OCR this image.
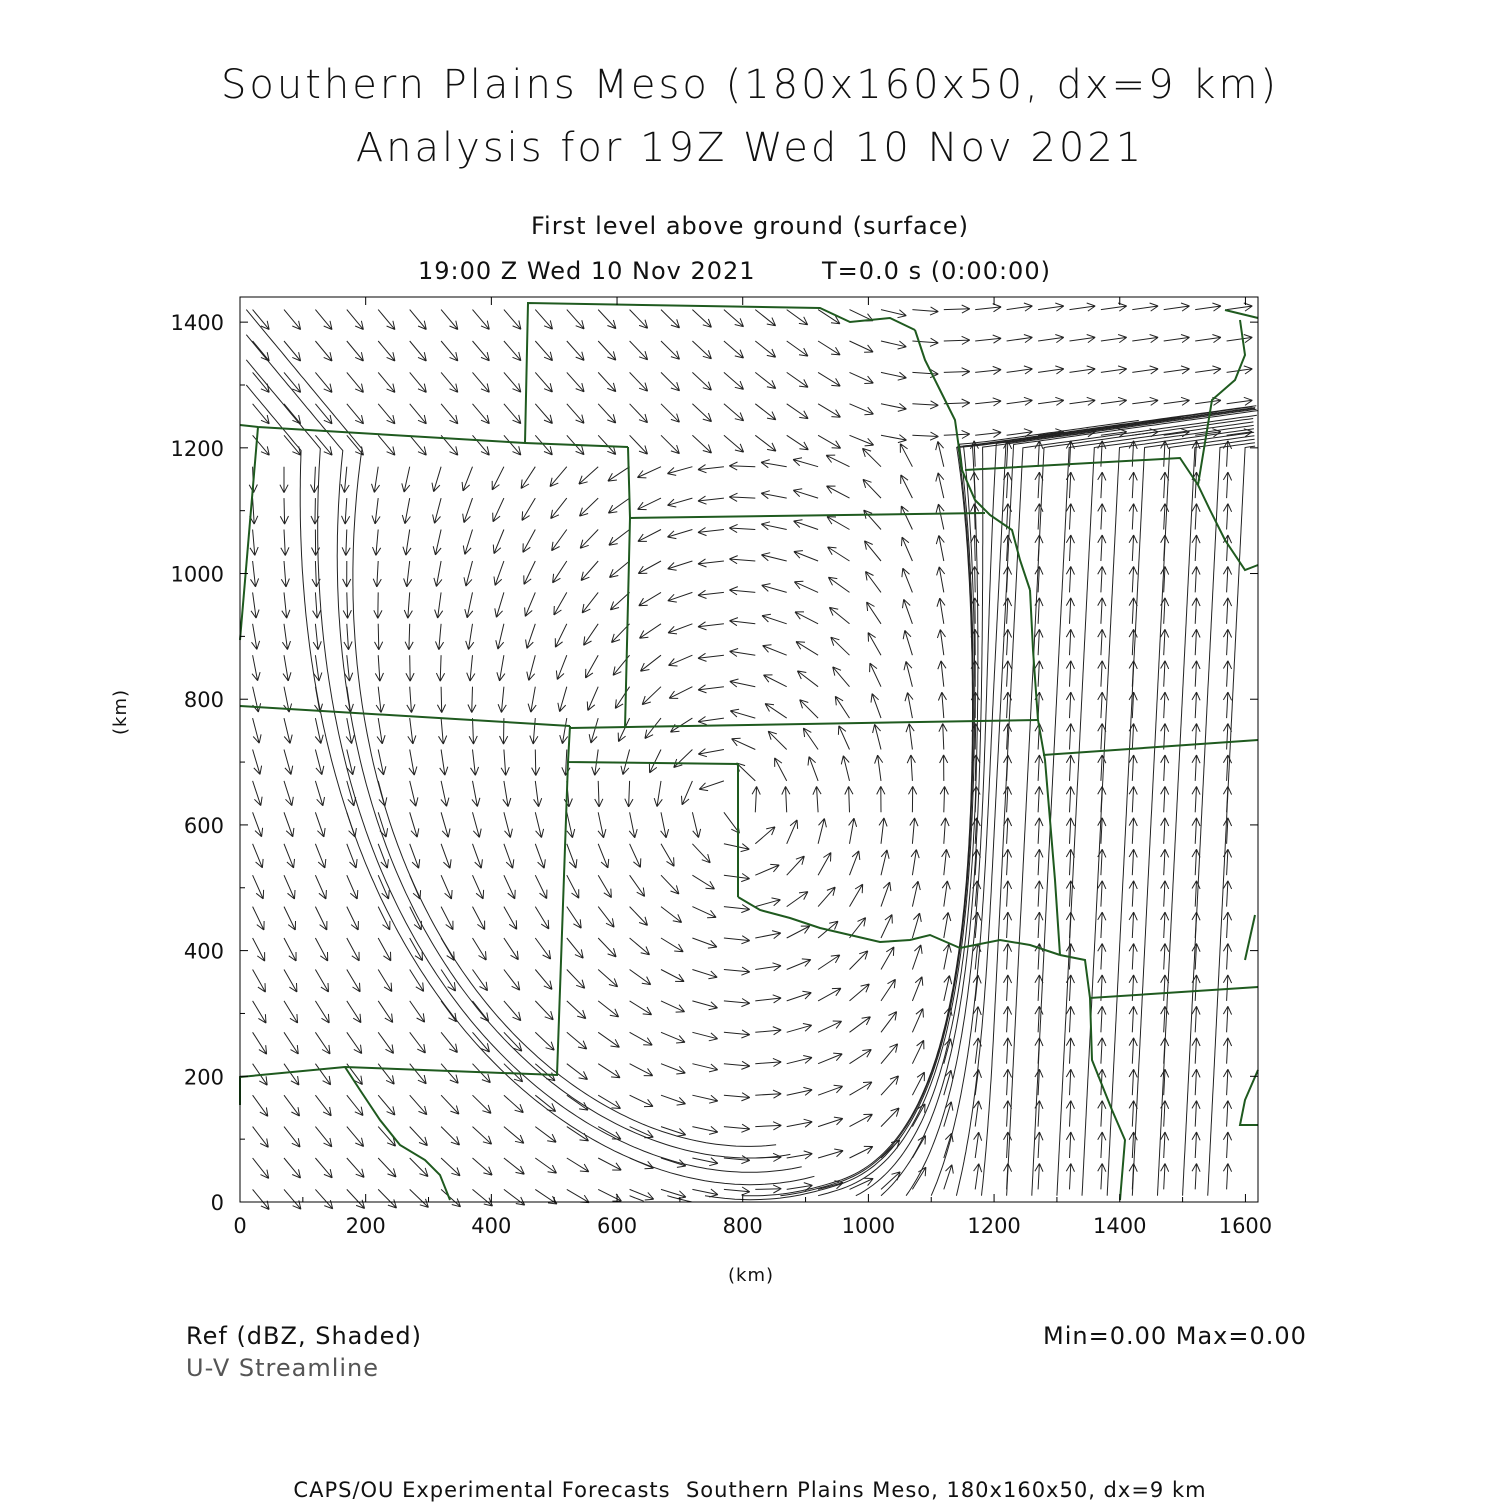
Southern Plains Meso (180x160x50, dx=9 km)
Analysis for 19Z Wed 10 Nov 2021
First level above ground (surface)
19:00 Z Wed 10 Nov 2021	T=0.0 s (0:00:00)
0	200	400	600	800	1000	1200	1400	1600
0
200
400
600
800
1000
1200
1400
(km)
(km)
Ref (dBZ, Shaded)
U-V Streamline
Min=0.00 Max=0.00
CAPS/OU Experimental Forecasts  Southern Plains Meso, 180x160x50, dx=9 km
